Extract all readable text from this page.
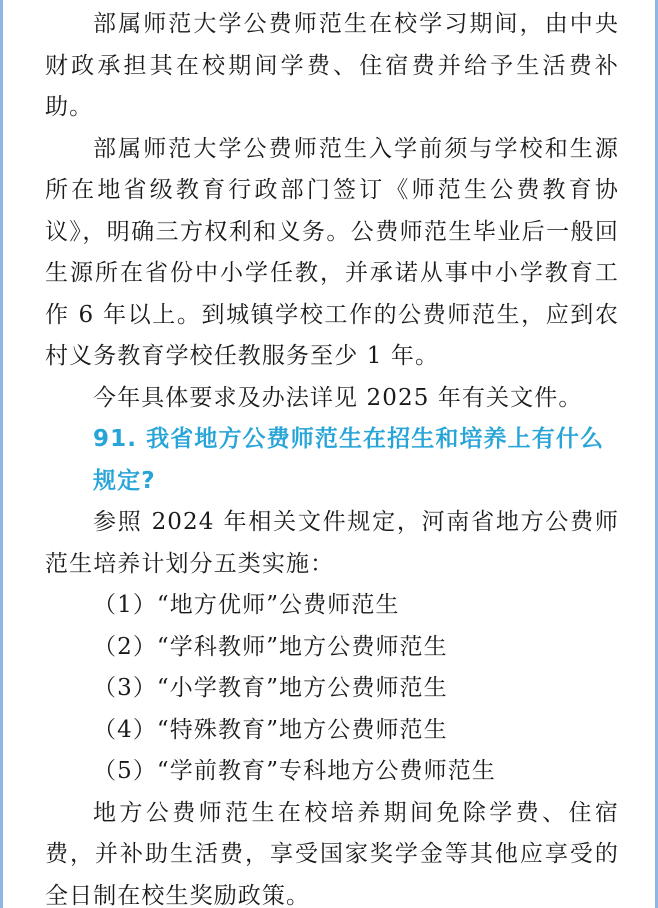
部属师范大学公费师范生在校学习期间，由中央财政承担其在校期间学费、住宿费并给予生活费补助。

部属师范大学公费师范生入学前须与学校和生源所在地省级教育行政部门签订《师范生公费教育协议》，明确三方权利和义务。公费师范生毕业后一般回生源所在省份中小学任教，并承诺从事中小学教育工作 6 年以上。到城镇学校工作的公费师范生，应到农村义务教育学校任教服务至少 1 年。

今年具体要求及办法详见 2025 年有关文件。

91. 我省地方公费师范生在招生和培养上有什么规定?

参照 2024 年相关文件规定，河南省地方公费师范生培养计划分五类实施：

（1）“地方优师”公费师范生

（2）“学科教师”地方公费师范生

（3）“小学教育”地方公费师范生

（4）“特殊教育”地方公费师范生

（5）“学前教育”专科地方公费师范生

地方公费师范生在校培养期间免除学费、住宿费，并补助生活费，享受国家奖学金等其他应享受的全日制在校生奖励政策。
